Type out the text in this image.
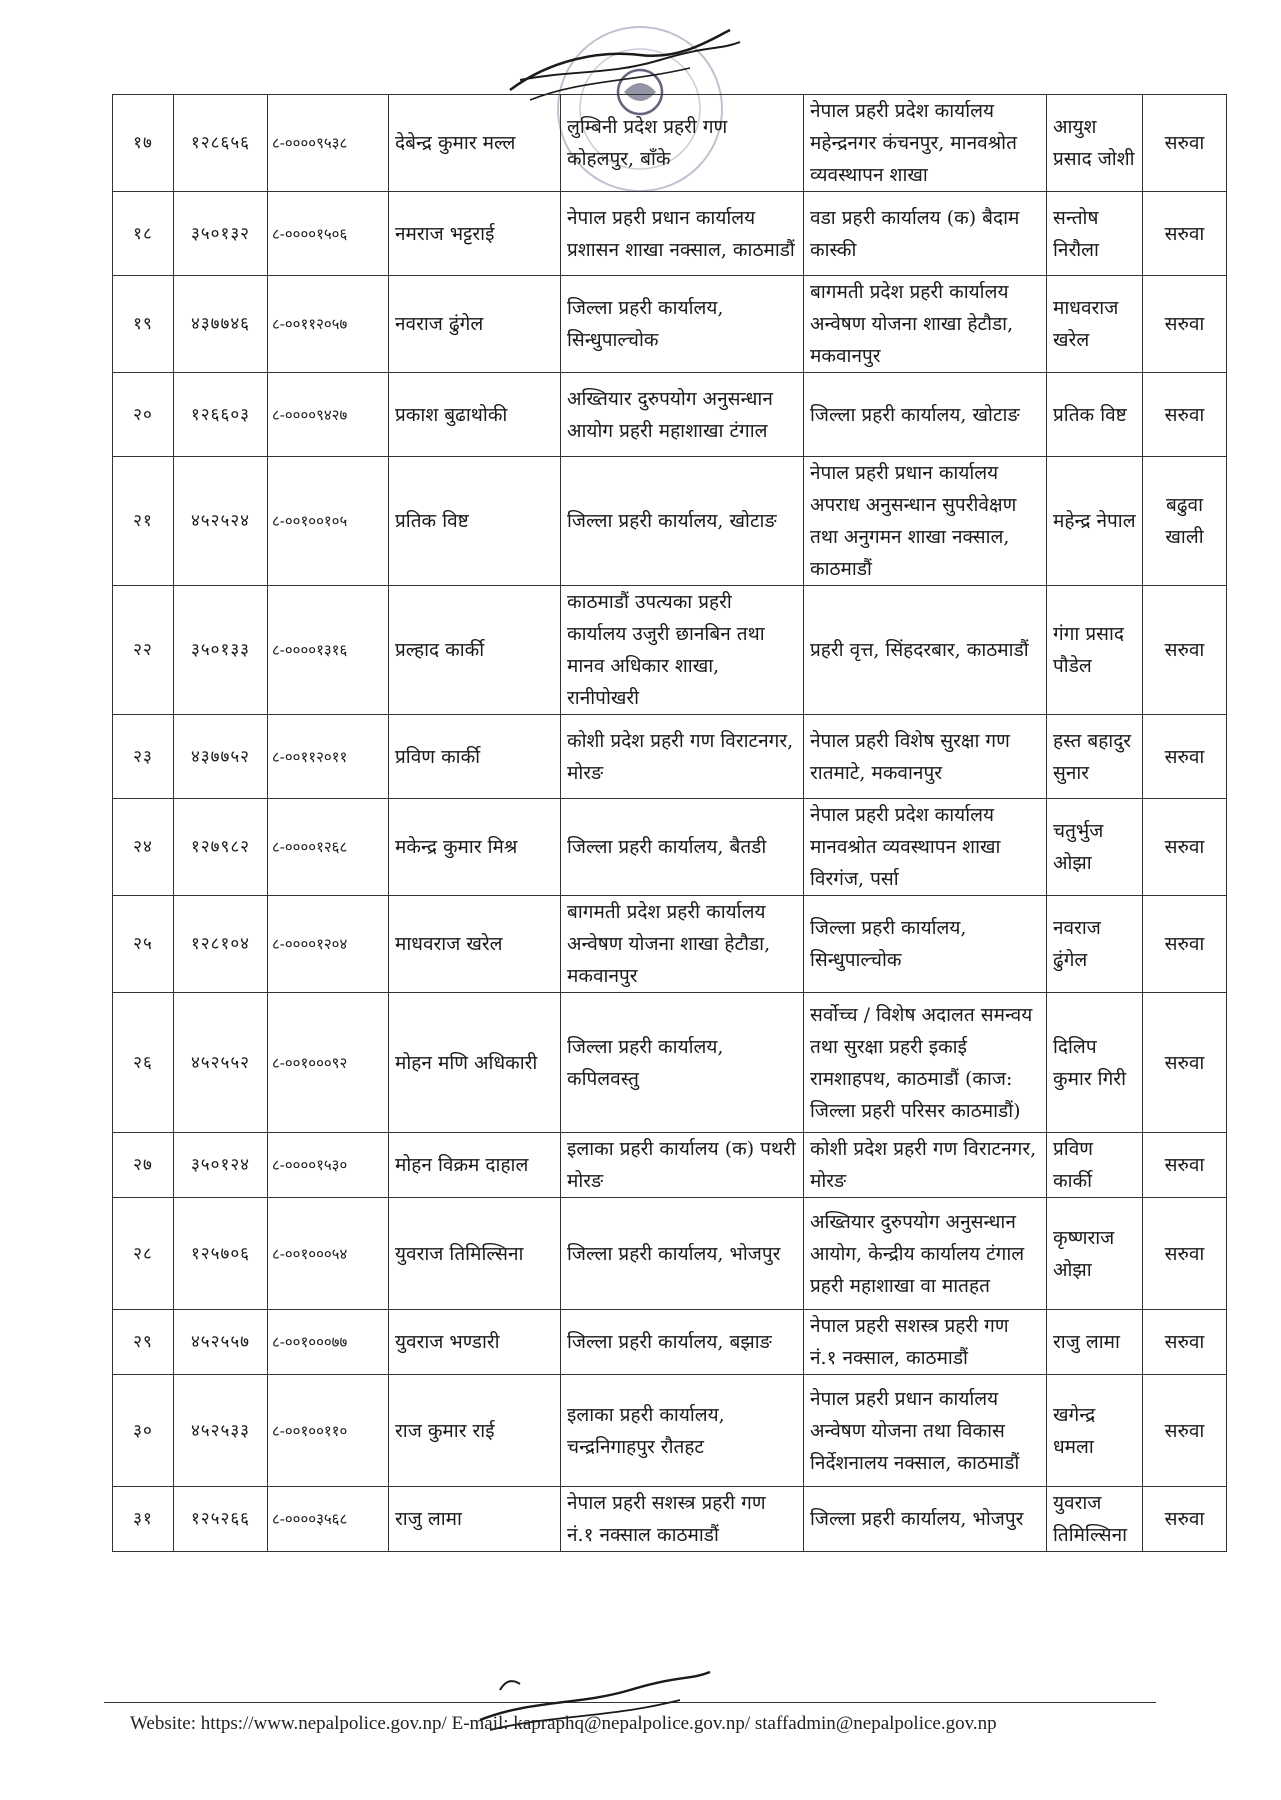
१७	१२८६५६	८-००००९५३८	देबेन्द्र कुमार मल्ल	लुम्बिनी प्रदेश प्रहरी गण कोहलपुर, बाँके	नेपाल प्रहरी प्रदेश कार्यालय महेन्द्रनगर कंचनपुर, मानवश्रोत व्यवस्थापन शाखा	आयुश प्रसाद जोशी	सरुवा
१८	३५०१३२	८-००००१५०६	नमराज भट्टराई	नेपाल प्रहरी प्रधान कार्यालय प्रशासन शाखा नक्साल, काठमाडौं	वडा प्रहरी कार्यालय (क) बैदाम कास्की	सन्तोष निरौला	सरुवा
१९	४३७७४६	८-००११२०५७	नवराज ढुंगेल	जिल्ला प्रहरी कार्यालय, सिन्धुपाल्चोक	बागमती प्रदेश प्रहरी कार्यालय अन्वेषण योजना शाखा हेटौडा, मकवानपुर	माधवराज खरेल	सरुवा
२०	१२६६०३	८-००००९४२७	प्रकाश बुढाथोकी	अख्तियार दुरुपयोग अनुसन्धान आयोग प्रहरी महाशाखा टंगाल	जिल्ला प्रहरी कार्यालय, खोटाङ	प्रतिक विष्ट	सरुवा
२१	४५२५२४	८-००१००१०५	प्रतिक विष्ट	जिल्ला प्रहरी कार्यालय, खोटाङ	नेपाल प्रहरी प्रधान कार्यालय अपराध अनुसन्धान सुपरीवेक्षण तथा अनुगमन शाखा नक्साल, काठमाडौं	महेन्द्र नेपाल	बढुवा खाली
२२	३५०१३३	८-००००१३१६	प्रल्हाद कार्की	काठमाडौं उपत्यका प्रहरी कार्यालय उजुरी छानबिन तथा मानव अधिकार शाखा, रानीपोखरी	प्रहरी वृत्त, सिंहदरबार, काठमाडौं	गंगा प्रसाद पौडेल	सरुवा
२३	४३७७५२	८-००११२०११	प्रविण कार्की	कोशी प्रदेश प्रहरी गण विराटनगर, मोरङ	नेपाल प्रहरी विशेष सुरक्षा गण रातमाटे, मकवानपुर	हस्त बहादुर सुनार	सरुवा
२४	१२७९८२	८-००००१२६८	मकेन्द्र कुमार मिश्र	जिल्ला प्रहरी कार्यालय, बैतडी	नेपाल प्रहरी प्रदेश कार्यालय मानवश्रोत व्यवस्थापन शाखा विरगंज, पर्सा	चतुर्भुज ओझा	सरुवा
२५	१२८१०४	८-००००१२०४	माधवराज खरेल	बागमती प्रदेश प्रहरी कार्यालय अन्वेषण योजना शाखा हेटौडा, मकवानपुर	जिल्ला प्रहरी कार्यालय, सिन्धुपाल्चोक	नवराज ढुंगेल	सरुवा
२६	४५२५५२	८-००१०००९२	मोहन मणि अधिकारी	जिल्ला प्रहरी कार्यालय, कपिलवस्तु	सर्वोच्च / विशेष अदालत समन्वय तथा सुरक्षा प्रहरी इकाई रामशाहपथ, काठमाडौं (काज: जिल्ला प्रहरी परिसर काठमाडौं)	दिलिप कुमार गिरी	सरुवा
२७	३५०१२४	८-००००१५३०	मोहन विक्रम दाहाल	इलाका प्रहरी कार्यालय (क) पथरी मोरङ	कोशी प्रदेश प्रहरी गण विराटनगर, मोरङ	प्रविण कार्की	सरुवा
२८	१२५७०६	८-००१०००५४	युवराज तिमिल्सिना	जिल्ला प्रहरी कार्यालय, भोजपुर	अख्तियार दुरुपयोग अनुसन्धान आयोग, केन्द्रीय कार्यालय टंगाल प्रहरी महाशाखा वा मातहत	कृष्णराज ओझा	सरुवा
२९	४५२५५७	८-००१०००७७	युवराज भण्डारी	जिल्ला प्रहरी कार्यालय, बझाङ	नेपाल प्रहरी सशस्त्र प्रहरी गण नं.१ नक्साल, काठमाडौं	राजु लामा	सरुवा
३०	४५२५३३	८-००१००११०	राज कुमार राई	इलाका प्रहरी कार्यालय, चन्द्रनिगाहपुर रौतहट	नेपाल प्रहरी प्रधान कार्यालय अन्वेषण योजना तथा विकास निर्देशनालय नक्साल, काठमाडौं	खगेन्द्र धमला	सरुवा
३१	१२५२६६	८-००००३५६८	राजु लामा	नेपाल प्रहरी सशस्त्र प्रहरी गण नं.१ नक्साल काठमाडौं	जिल्ला प्रहरी कार्यालय, भोजपुर	युवराज तिमिल्सिना	सरुवा
Website: https://www.nepalpolice.gov.np/ E-mail: kapraphq@nepalpolice.gov.np/ staffadmin@nepalpolice.gov.np
